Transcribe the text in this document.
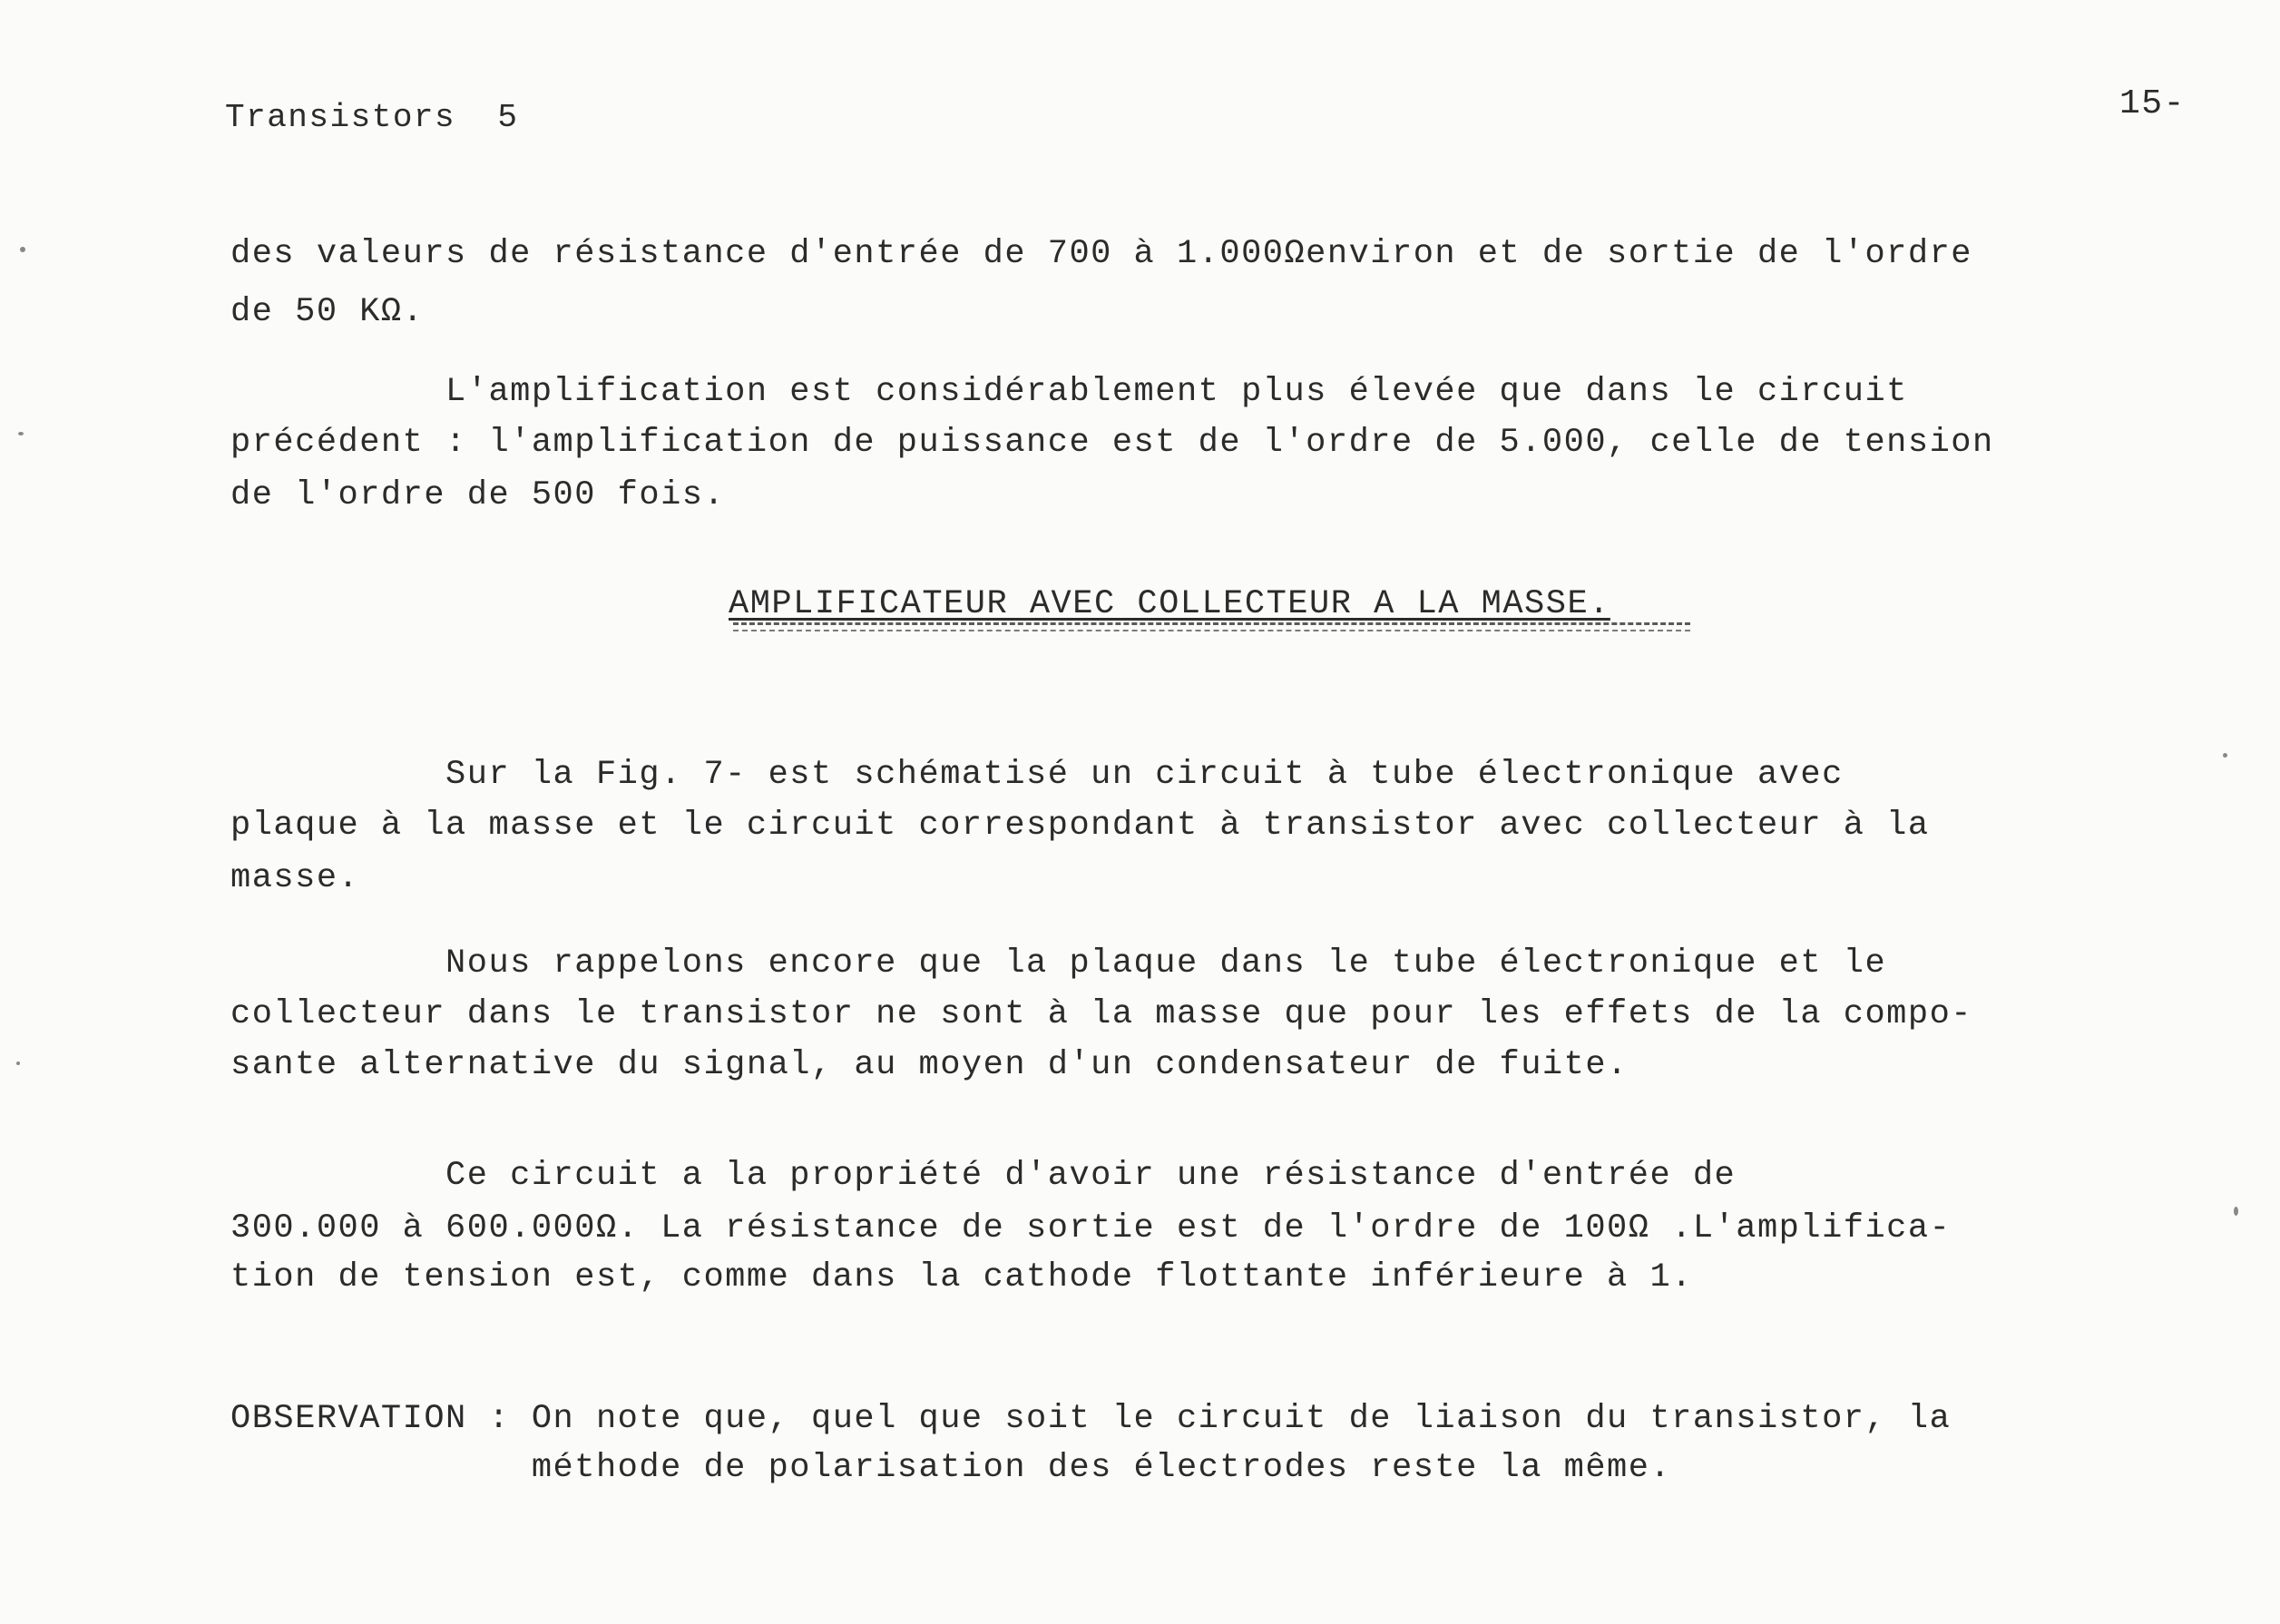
Transistors  5	15-
des valeurs de résistance d'entrée de 700 à 1.000Ωenviron et de sortie de l'ordre
de 50 KΩ.
L'amplification est considérablement plus élevée que dans le circuit
précédent : l'amplification de puissance est de l'ordre de 5.000, celle de tension
de l'ordre de 500 fois.
AMPLIFICATEUR AVEC COLLECTEUR A LA MASSE.
Sur la Fig. 7- est schématisé un circuit à tube électronique avec
plaque à la masse et le circuit correspondant à transistor avec collecteur à la
masse.
Nous rappelons encore que la plaque dans le tube électronique et le
collecteur dans le transistor ne sont à la masse que pour les effets de la compo-
sante alternative du signal, au moyen d'un condensateur de fuite.
Ce circuit a la propriété d'avoir une résistance d'entrée de
300.000 à 600.000Ω. La résistance de sortie est de l'ordre de 100Ω .L'amplifica-
tion de tension est, comme dans la cathode flottante inférieure à 1.
OBSERVATION : On note que, quel que soit le circuit de liaison du transistor, la
méthode de polarisation des électrodes reste la même.
